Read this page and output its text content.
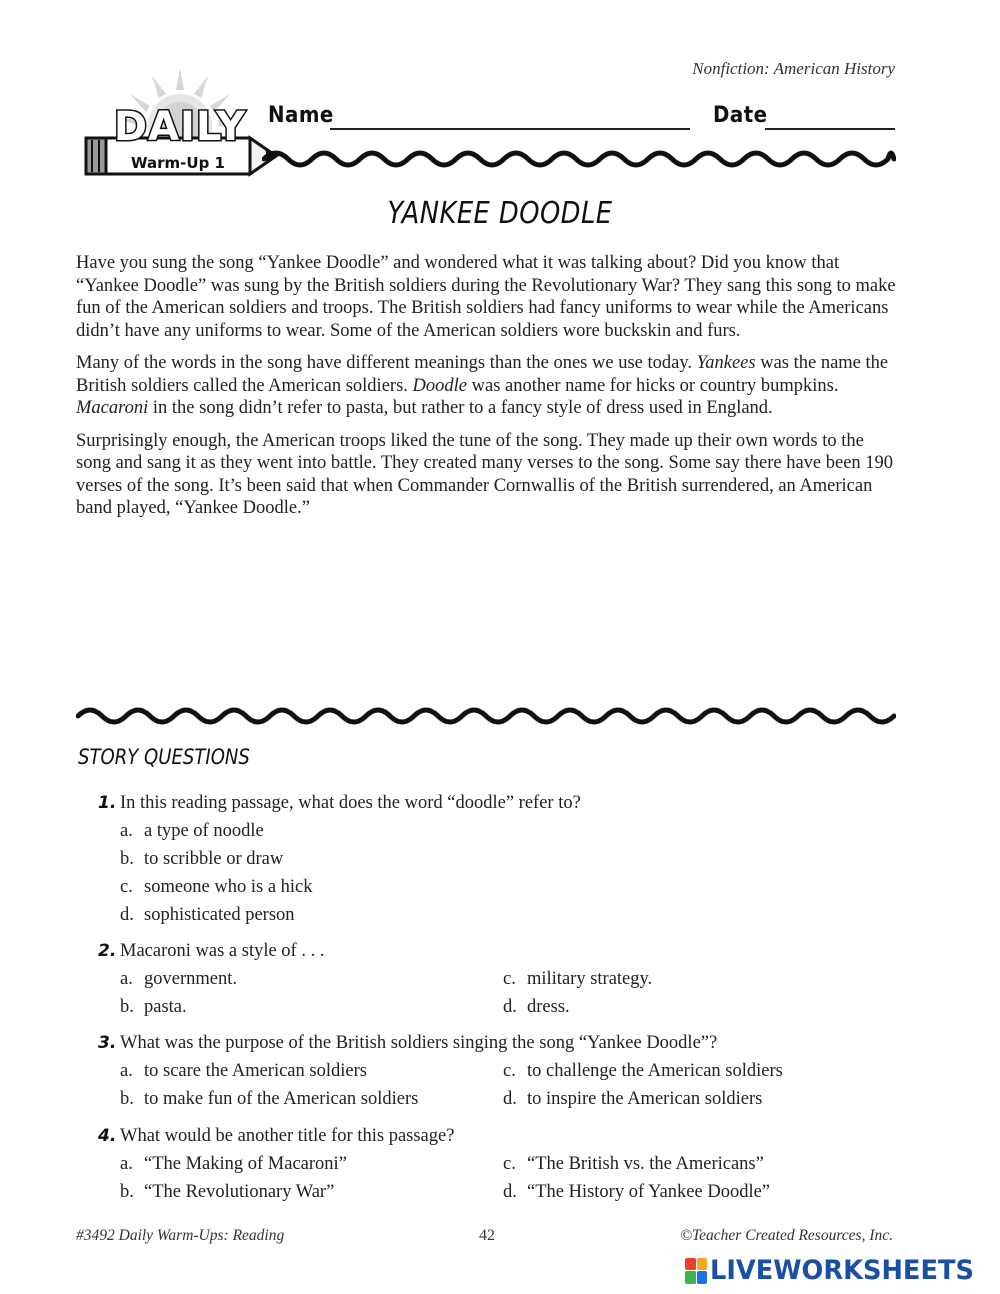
Nonfiction: American History
DAILY
Warm-Up 1
Name	Date
YANKEE DOODLE

Have you sung the song “Yankee Doodle” and wondered what it was talking about? Did you know that “Yankee Doodle” was sung by the British soldiers during the Revolutionary War? They sang this song to make fun of the American soldiers and troops. The British soldiers had fancy uniforms to wear while the Americans didn’t have any uniforms to wear. Some of the American soldiers wore buckskin and furs.

Many of the words in the song have different meanings than the ones we use today. Yankees was the name the British soldiers called the American soldiers. Doodle was another name for hicks or country bumpkins. Macaroni in the song didn’t refer to pasta, but rather to a fancy style of dress used in England.

Surprisingly enough, the American troops liked the tune of the song. They made up their own words to the song and sang it as they went into battle. They created many verses to the song. Some say there have been 190 verses of the song. It’s been said that when Commander Cornwallis of the British surrendered, an American band played, “Yankee Doodle.”

STORY QUESTIONS
1. In this reading passage, what does the word “doodle” refer to?
a. a type of noodle
b. to scribble or draw
c. someone who is a hick
d. sophisticated person
2. Macaroni was a style of . . .
a. government.
b. pasta.
c. military strategy.
d. dress.
3. What was the purpose of the British soldiers singing the song “Yankee Doodle”?
a. to scare the American soldiers
b. to make fun of the American soldiers
c. to challenge the American soldiers
d. to inspire the American soldiers
4. What would be another title for this passage?
a. “The Making of Macaroni”
b. “The Revolutionary War”
c. “The British vs. the Americans”
d. “The History of Yankee Doodle”
#3492 Daily Warm-Ups: Reading	42	©Teacher Created Resources, Inc.
LIVEWORKSHEETS
